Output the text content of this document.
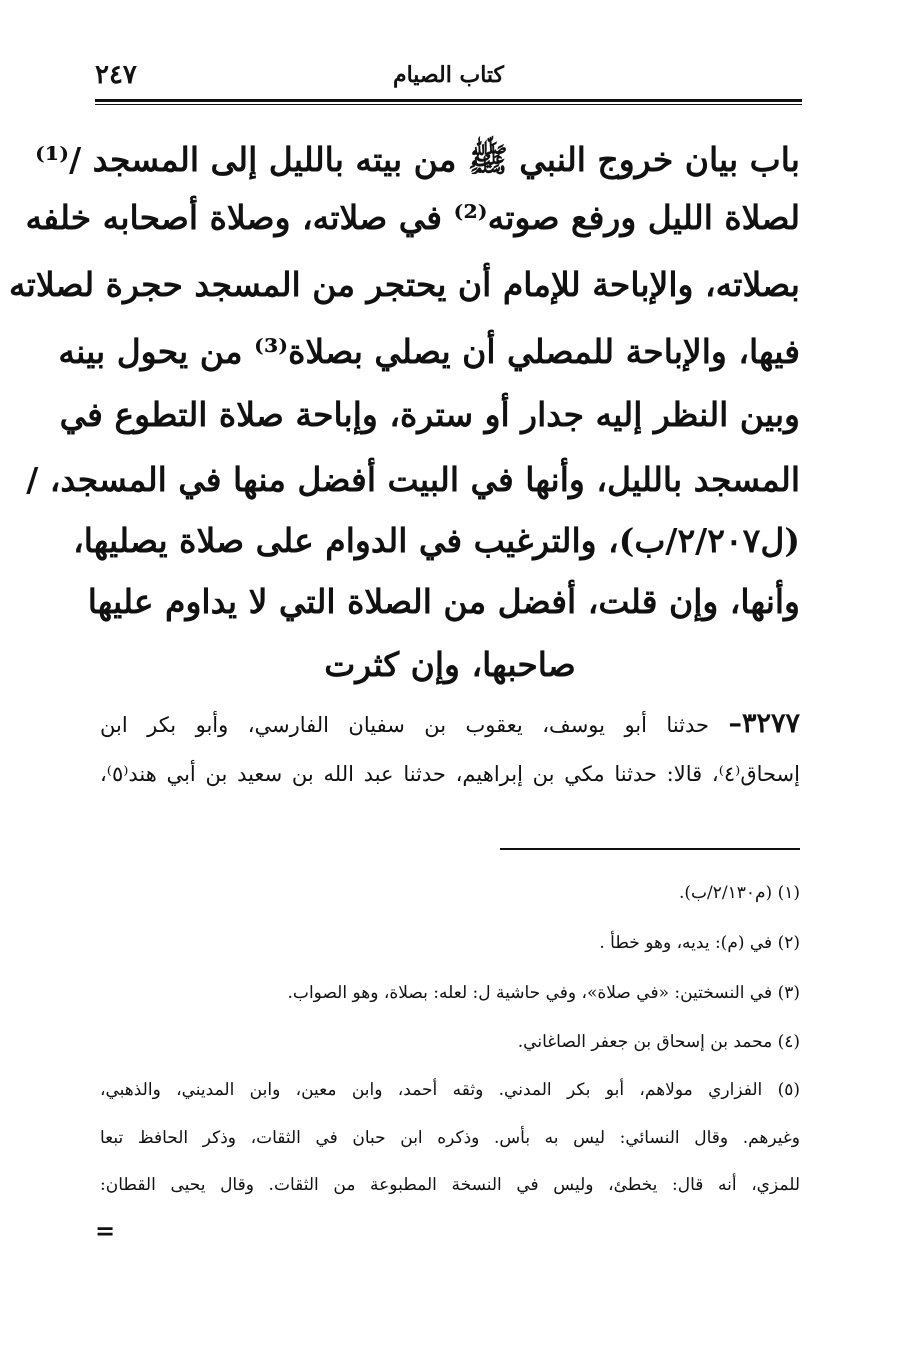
٢٤٧	كتاب الصيام
باب بيان خروج النبي ﷺ من بيته بالليل إلى المسجد /⁽¹⁾
لصلاة الليل ورفع صوته⁽²⁾ في صلاته، وصلاة أصحابه خلفه
بصلاته، والإباحة للإمام أن يحتجر من المسجد حجرة لصلاته
فيها، والإباحة للمصلي أن يصلي بصلاة⁽³⁾ من يحول بينه
وبين النظر إليه جدار أو سترة، وإباحة صلاة التطوع في
المسجد بالليل، وأنها في البيت أفضل منها في المسجد، /
(ل٢/٢٠٧/ب)، والترغيب في الدوام على صلاة يصليها،
وأنها، وإن قلت، أفضل من الصلاة التي لا يداوم عليها
صاحبها، وإن كثرت
٣٢٧٧– حدثنا أبو يوسف، يعقوب بن سفيان الفارسي، وأبو بكر ابن
إسحاق⁽٤⁾، قالا: حدثنا مكي بن إبراهيم، حدثنا عبد الله بن سعيد بن أبي هند⁽٥⁾،
(١) (م٢/١٣٠/ب).
(٢) في (م): يديه، وهو خطأ .
(٣) في النسختين: «في صلاة»، وفي حاشية ل: لعله: بصلاة، وهو الصواب.
(٤) محمد بن إسحاق بن جعفر الصاغاني.
(٥) الفزاري مولاهم، أبو بكر المدني. وثقه أحمد، وابن معين، وابن المديني، والذهبي،
وغيرهم. وقال النسائي: ليس به بأس. وذكره ابن حبان في الثقات، وذكر الحافظ تبعا
للمزي، أنه قال: يخطئ، وليس في النسخة المطبوعة من الثقات. وقال يحيى القطان:
=
